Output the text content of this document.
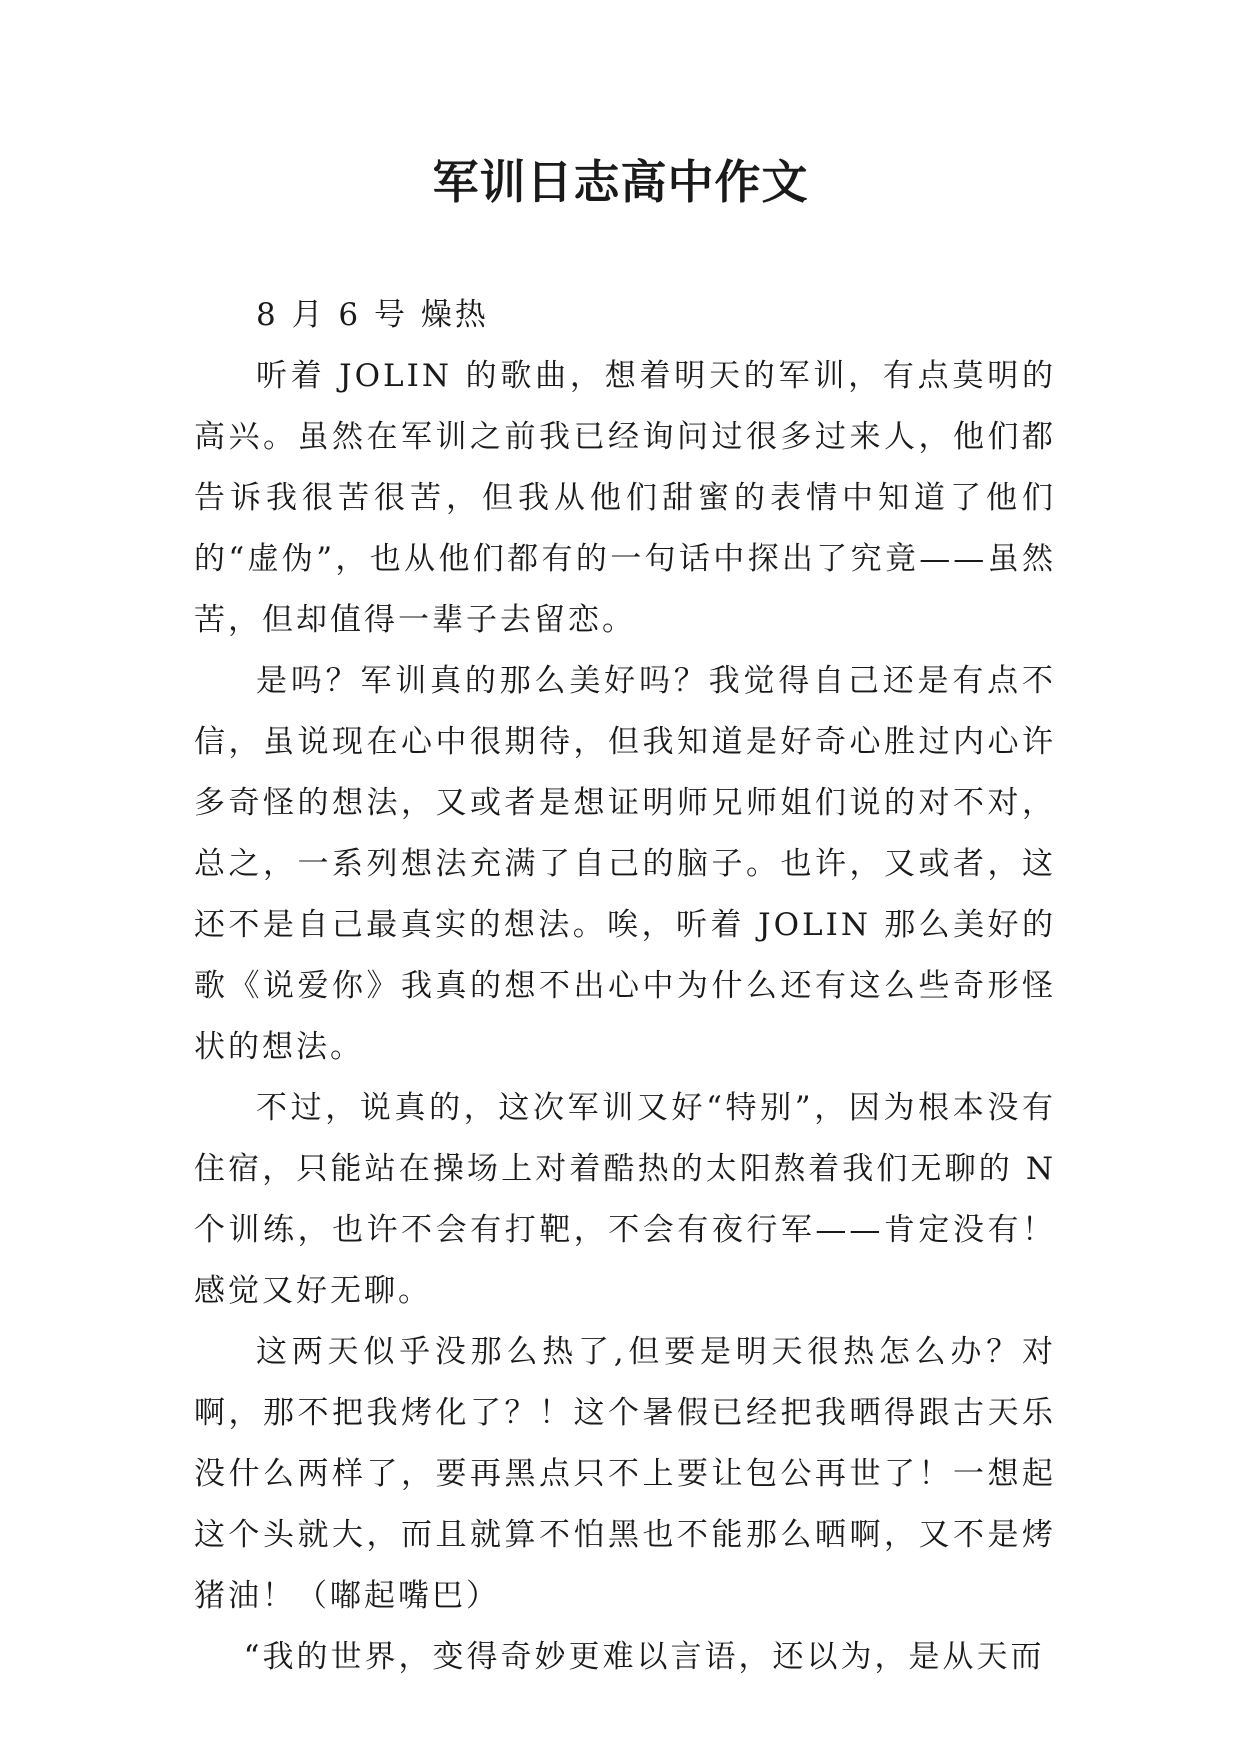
军训日志高中作文

8 月 6 号 燥热

听着 JOLIN 的歌曲，想着明天的军训，有点莫明的高兴。虽然在军训之前我已经询问过很多过来人，他们都告诉我很苦很苦，但我从他们甜蜜的表情中知道了他们的“虚伪”，也从他们都有的一句话中探出了究竟——虽然苦，但却值得一辈子去留恋。

是吗？军训真的那么美好吗？我觉得自己还是有点不信，虽说现在心中很期待，但我知道是好奇心胜过内心许多奇怪的想法，又或者是想证明师兄师姐们说的对不对，总之，一系列想法充满了自己的脑子。也许，又或者，这还不是自己最真实的想法。唉，听着 JOLIN 那么美好的歌《说爱你》我真的想不出心中为什么还有这么些奇形怪状的想法。

不过，说真的，这次军训又好“特别”，因为根本没有住宿，只能站在操场上对着酷热的太阳熬着我们无聊的 N 个训练，也许不会有打靶，不会有夜行军——肯定没有！感觉又好无聊。

这两天似乎没那么热了,但要是明天很热怎么办？对啊，那不把我烤化了？！这个暑假已经把我晒得跟古天乐没什么两样了，要再黑点只不上要让包公再世了！一想起这个头就大，而且就算不怕黑也不能那么晒啊，又不是烤猪油！（嘟起嘴巴）

“我的世界，变得奇妙更难以言语，还以为，是从天而
